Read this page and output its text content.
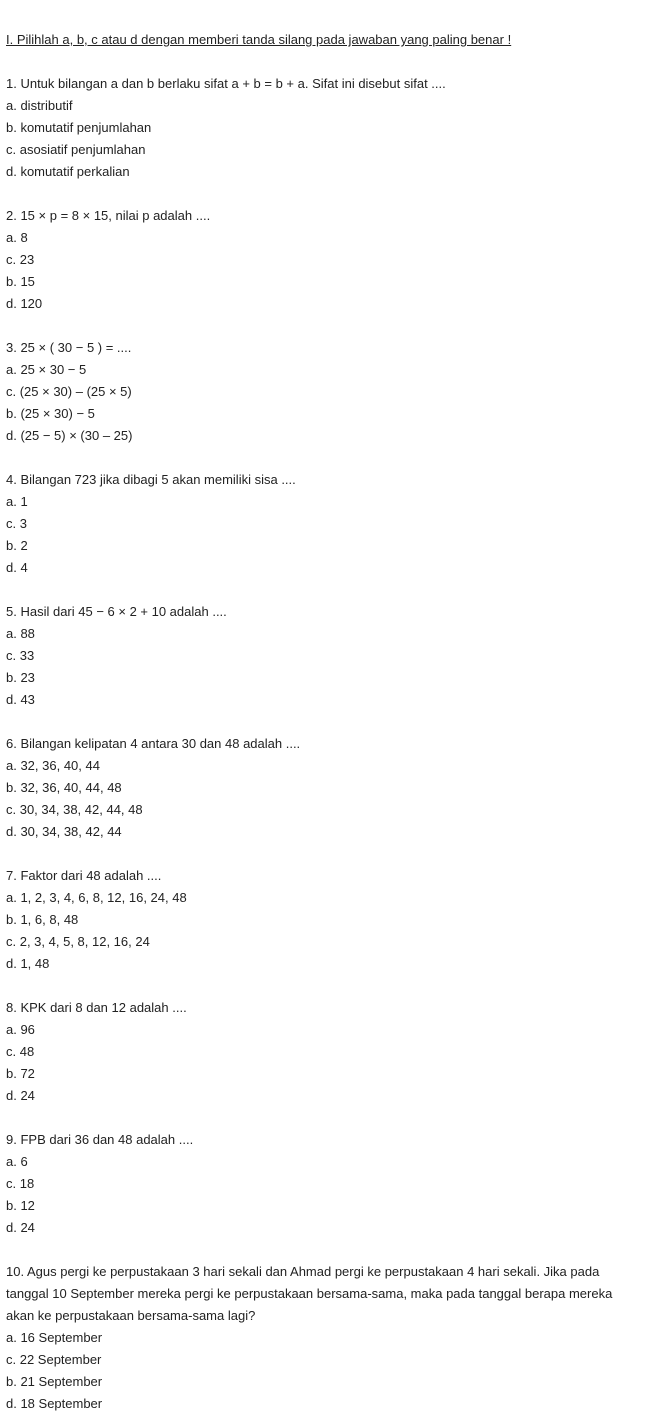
I. Pilihlah a, b, c atau d dengan memberi tanda silang pada jawaban yang paling benar !
1. Untuk bilangan a dan b berlaku sifat a + b = b + a. Sifat ini disebut sifat ....
a. distributif
b. komutatif penjumlahan
c. asosiatif penjumlahan
d. komutatif perkalian
2. 15 × p = 8 × 15, nilai p adalah ....
a. 8
c. 23
b. 15
d. 120
3. 25 × ( 30 − 5 ) = ....
a. 25 × 30 − 5
c. (25 × 30) – (25 × 5)
b. (25 × 30) − 5
d. (25 − 5) × (30 – 25)
4. Bilangan 723 jika dibagi 5 akan memiliki sisa ....
a. 1
c. 3
b. 2
d. 4
5. Hasil dari 45 − 6 × 2 + 10 adalah ....
a. 88
c. 33
b. 23
d. 43
6. Bilangan kelipatan 4 antara 30 dan 48 adalah ....
a. 32, 36, 40, 44
b. 32, 36, 40, 44, 48
c. 30, 34, 38, 42, 44, 48
d. 30, 34, 38, 42, 44
7. Faktor dari 48 adalah ....
a. 1, 2, 3, 4, 6, 8, 12, 16, 24, 48
b. 1, 6, 8, 48
c. 2, 3, 4, 5, 8, 12, 16, 24
d. 1, 48
8. KPK dari 8 dan 12 adalah ....
a. 96
c. 48
b. 72
d. 24
9. FPB dari 36 dan 48 adalah ....
a. 6
c. 18
b. 12
d. 24
10. Agus pergi ke perpustakaan 3 hari sekali dan Ahmad pergi ke perpustakaan 4 hari sekali. Jika pada tanggal 10 September mereka pergi ke perpustakaan bersama-sama, maka pada tanggal berapa mereka akan ke perpustakaan bersama-sama lagi?
a. 16 September
c. 22 September
b. 21 September
d. 18 September
